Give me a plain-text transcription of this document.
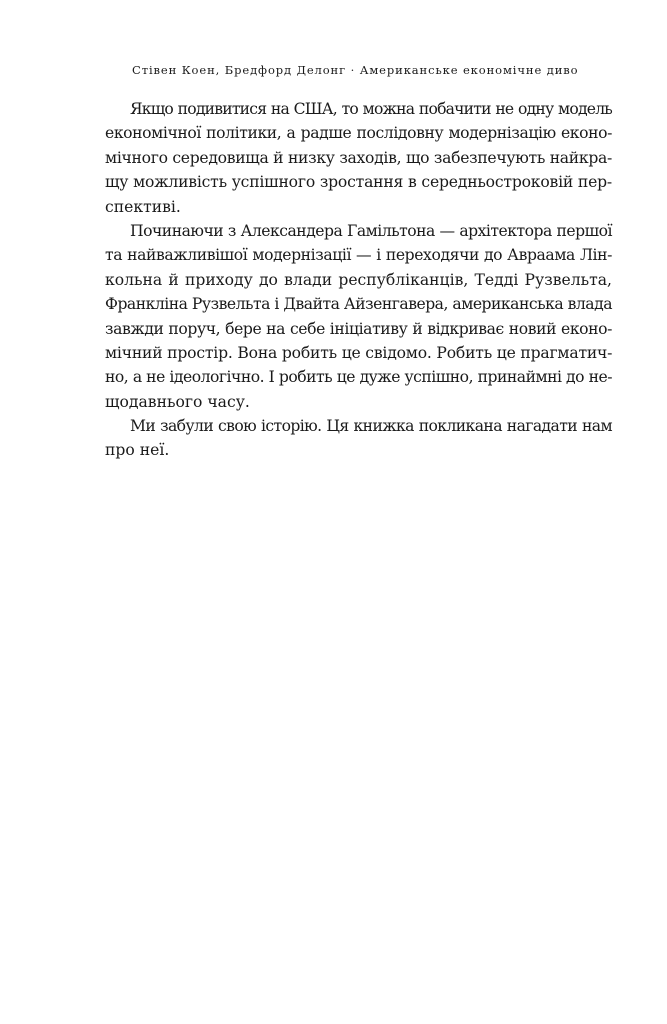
Стівен Коен, Бредфорд Делонг · Американське економічне диво
Якщо подивитися на США, то можна побачити не одну модель
економічної політики, а радше послідовну модернізацію еконо-
мічного середовища й низку заходів, що забезпечують найкра-
щу можливість успішного зростання в середньостроковій пер-
спективі.
Починаючи з Александера Гамільтона — архітектора першої
та найважливішої модернізації — і переходячи до Авраама Лін-
кольна й приходу до влади республіканців, Тедді Рузвельта,
Франкліна Рузвельта і Двайта Айзенгавера, американська влада
завжди поруч, бере на себе ініціативу й відкриває новий еконо-
мічний простір. Вона робить це свідомо. Робить це прагматич-
но, а не ідеологічно. І робить це дуже успішно, принаймні до не-
щодавнього часу.
Ми забули свою історію. Ця книжка покликана нагадати нам
про неї.
